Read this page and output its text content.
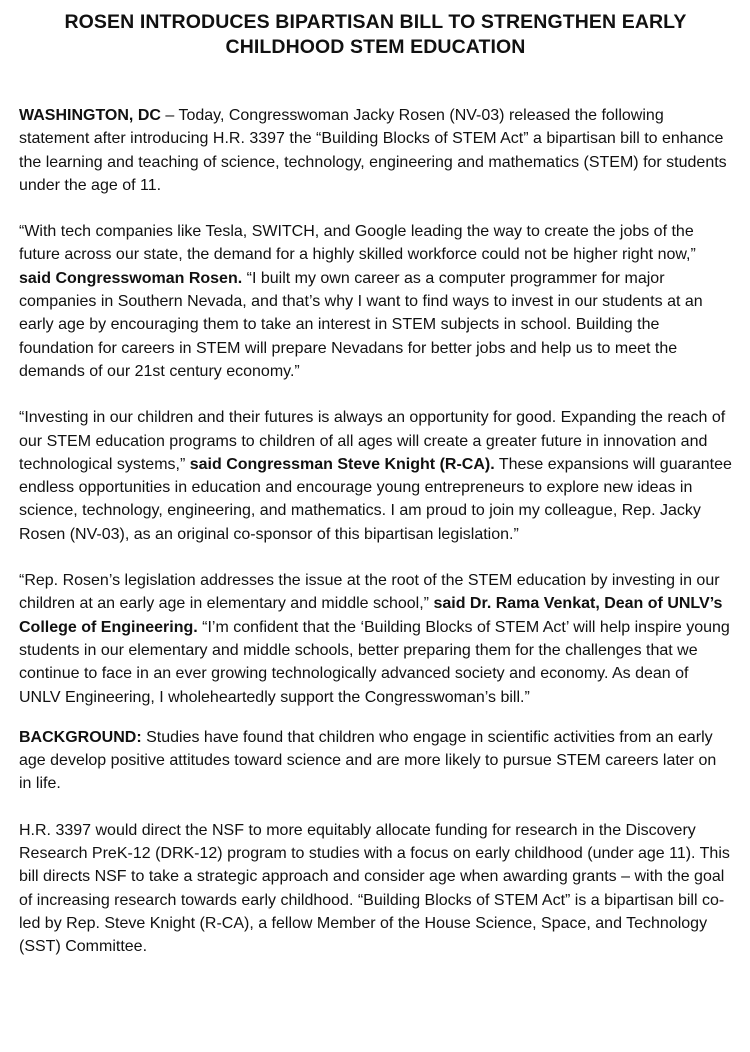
ROSEN INTRODUCES BIPARTISAN BILL TO STRENGTHEN EARLY CHILDHOOD STEM EDUCATION

WASHINGTON, DC – Today, Congresswoman Jacky Rosen (NV-03) released the following statement after introducing H.R. 3397 the “Building Blocks of STEM Act” a bipartisan bill to enhance the learning and teaching of science, technology, engineering and mathematics (STEM) for students under the age of 11.

“With tech companies like Tesla, SWITCH, and Google leading the way to create the jobs of the future across our state, the demand for a highly skilled workforce could not be higher right now,” said Congresswoman Rosen. “I built my own career as a computer programmer for major companies in Southern Nevada, and that’s why I want to find ways to invest in our students at an early age by encouraging them to take an interest in STEM subjects in school. Building the foundation for careers in STEM will prepare Nevadans for better jobs and help us to meet the demands of our 21st century economy.”

“Investing in our children and their futures is always an opportunity for good. Expanding the reach of our STEM education programs to children of all ages will create a greater future in innovation and technological systems,” said Congressman Steve Knight (R-CA). These expansions will guarantee endless opportunities in education and encourage young entrepreneurs to explore new ideas in science, technology, engineering, and mathematics. I am proud to join my colleague, Rep. Jacky Rosen (NV-03), as an original co-sponsor of this bipartisan legislation.”

“Rep. Rosen’s legislation addresses the issue at the root of the STEM education by investing in our children at an early age in elementary and middle school,” said Dr. Rama Venkat, Dean of UNLV’s College of Engineering. “I’m confident that the ‘Building Blocks of STEM Act’ will help inspire young students in our elementary and middle schools, better preparing them for the challenges that we continue to face in an ever growing technologically advanced society and economy. As dean of UNLV Engineering, I wholeheartedly support the Congresswoman’s bill.”

BACKGROUND: Studies have found that children who engage in scientific activities from an early age develop positive attitudes toward science and are more likely to pursue STEM careers later on in life.

H.R. 3397 would direct the NSF to more equitably allocate funding for research in the Discovery Research PreK-12 (DRK-12) program to studies with a focus on early childhood (under age 11). This bill directs NSF to take a strategic approach and consider age when awarding grants – with the goal of increasing research towards early childhood. “Building Blocks of STEM Act” is a bipartisan bill co-led by Rep. Steve Knight (R-CA), a fellow Member of the House Science, Space, and Technology (SST) Committee.
